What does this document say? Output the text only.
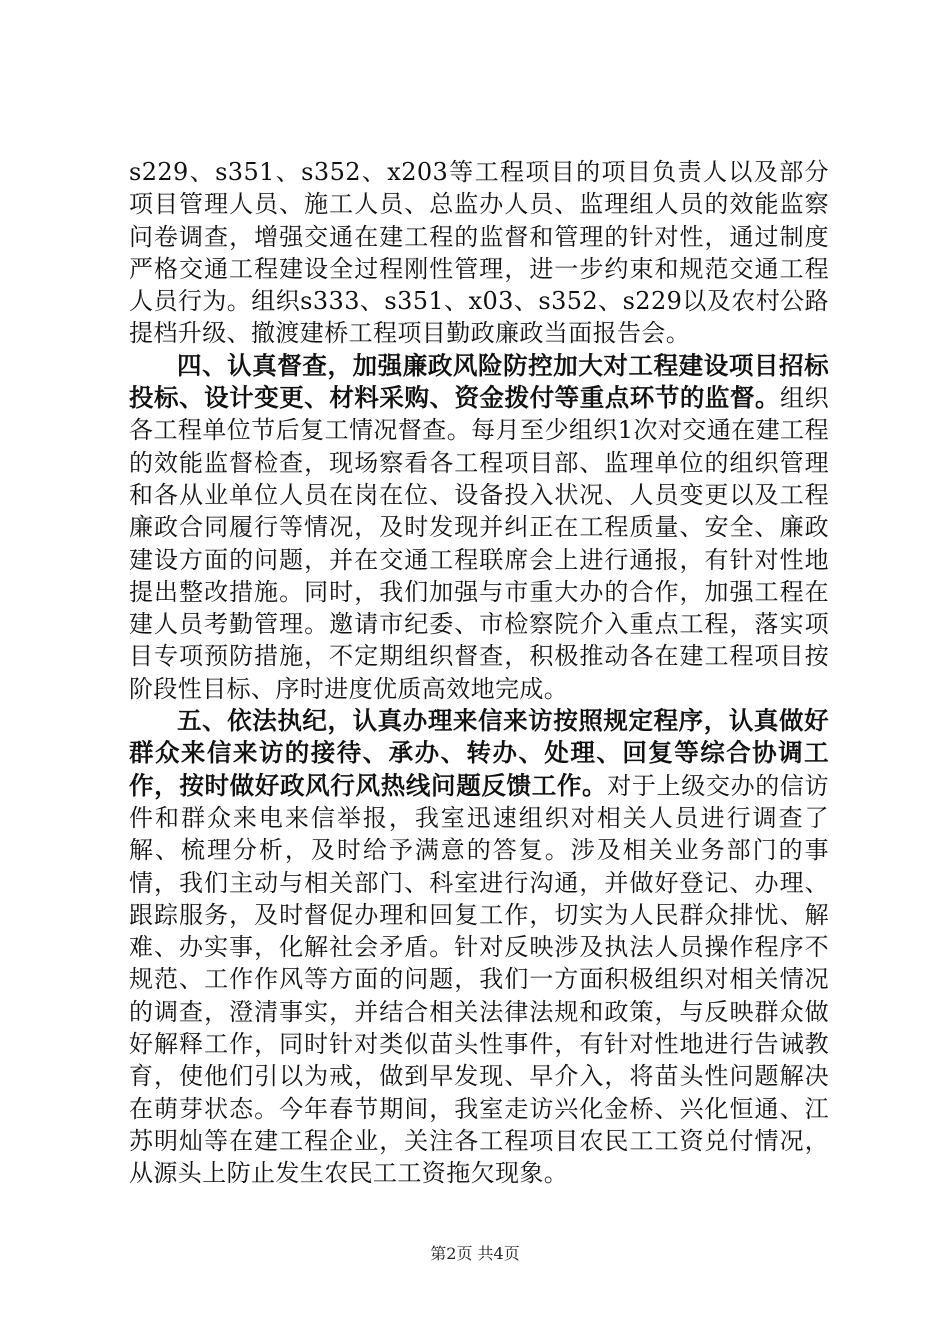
s229、s351、s352、x203等工程项目的项目负责人以及部分项目管理人员、施工人员、总监办人员、监理组人员的效能监察问卷调查，增强交通在建工程的监督和管理的针对性，通过制度严格交通工程建设全过程刚性管理，进一步约束和规范交通工程人员行为。组织s333、s351、x03、s352、s229以及农村公路提档升级、撤渡建桥工程项目勤政廉政当面报告会。

四、认真督查，加强廉政风险防控加大对工程建设项目招标投标、设计变更、材料采购、资金拨付等重点环节的监督。组织各工程单位节后复工情况督查。每月至少组织1次对交通在建工程的效能监督检查，现场察看各工程项目部、监理单位的组织管理和各从业单位人员在岗在位、设备投入状况、人员变更以及工程廉政合同履行等情况，及时发现并纠正在工程质量、安全、廉政建设方面的问题，并在交通工程联席会上进行通报，有针对性地提出整改措施。同时，我们加强与市重大办的合作，加强工程在建人员考勤管理。邀请市纪委、市检察院介入重点工程，落实项目专项预防措施，不定期组织督查，积极推动各在建工程项目按阶段性目标、序时进度优质高效地完成。

五、依法执纪，认真办理来信来访按照规定程序，认真做好群众来信来访的接待、承办、转办、处理、回复等综合协调工作，按时做好政风行风热线问题反馈工作。对于上级交办的信访件和群众来电来信举报，我室迅速组织对相关人员进行调查了解、梳理分析，及时给予满意的答复。涉及相关业务部门的事情，我们主动与相关部门、科室进行沟通，并做好登记、办理、跟踪服务，及时督促办理和回复工作，切实为人民群众排忧、解难、办实事，化解社会矛盾。针对反映涉及执法人员操作程序不规范、工作作风等方面的问题，我们一方面积极组织对相关情况的调查，澄清事实，并结合相关法律法规和政策，与反映群众做好解释工作，同时针对类似苗头性事件，有针对性地进行告诫教育，使他们引以为戒，做到早发现、早介入，将苗头性问题解决在萌芽状态。今年春节期间，我室走访兴化金桥、兴化恒通、江苏明灿等在建工程企业，关注各工程项目农民工工资兑付情况，从源头上防止发生农民工工资拖欠现象。

第2页 共4页
